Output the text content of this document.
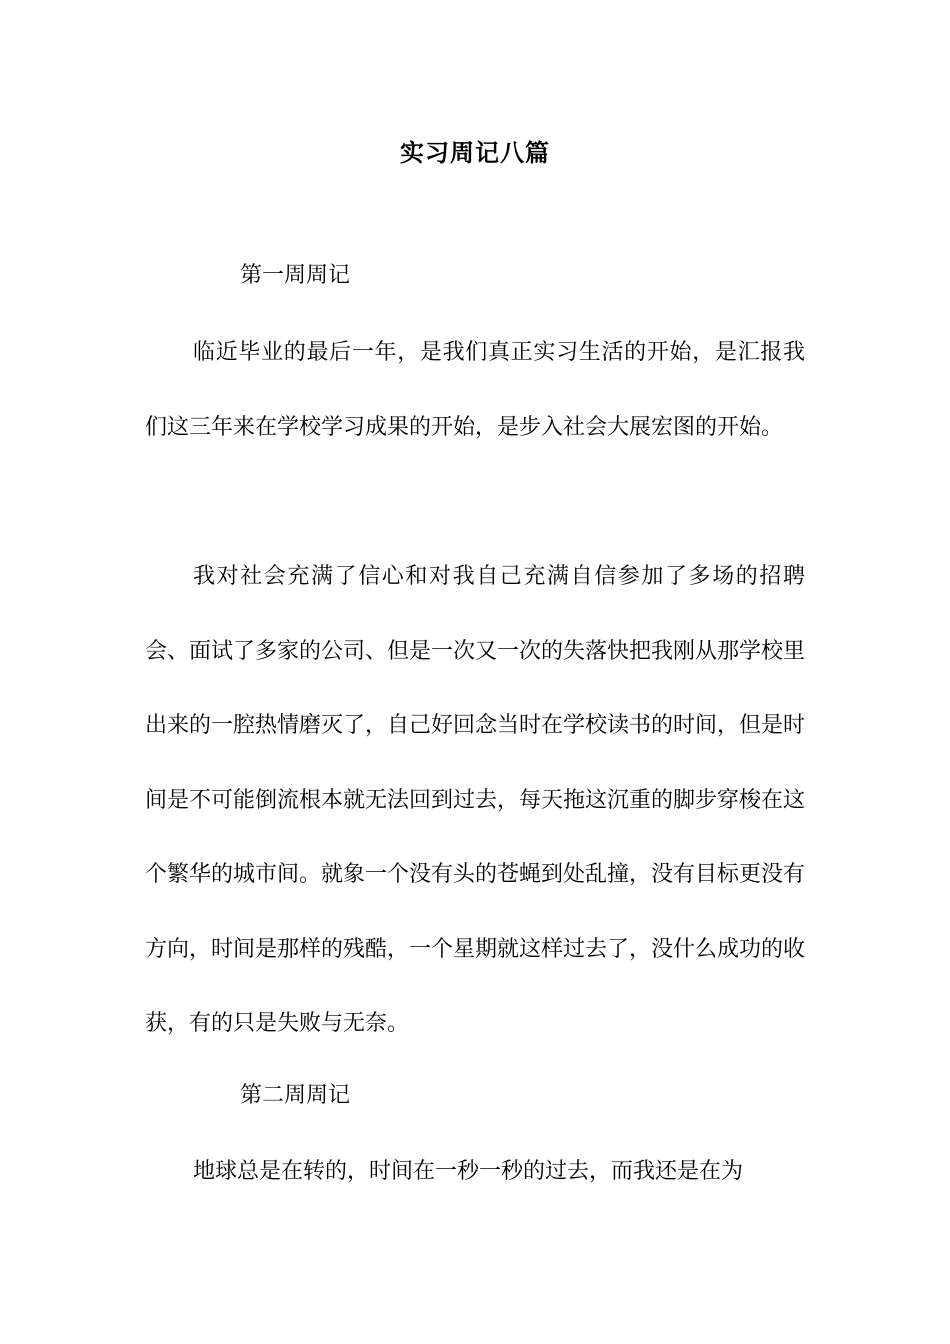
实习周记八篇
第一周周记

临近毕业的最后一年，是我们真正实习生活的开始，是汇报我们这三年来在学校学习成果的开始，是步入社会大展宏图的开始。

我对社会充满了信心和对我自己充满自信参加了多场的招聘会、面试了多家的公司、但是一次又一次的失落快把我刚从那学校里出来的一腔热情磨灭了，自己好回念当时在学校读书的时间，但是时间是不可能倒流根本就无法回到过去，每天拖这沉重的脚步穿梭在这个繁华的城市间。就象一个没有头的苍蝇到处乱撞，没有目标更没有方向，时间是那样的残酷，一个星期就这样过去了，没什么成功的收获，有的只是失败与无奈。

第二周周记

地球总是在转的，时间在一秒一秒的过去，而我还是在为
